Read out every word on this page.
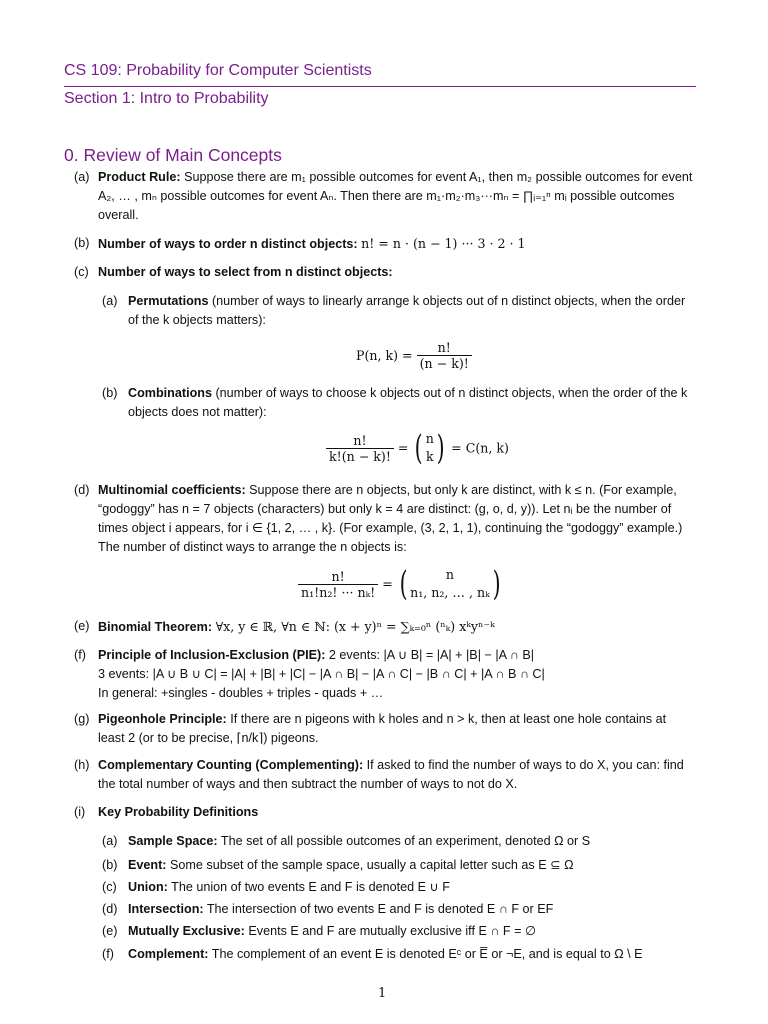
CS 109: Probability for Computer Scientists
Section 1: Intro to Probability
0. Review of Main Concepts
(a) Product Rule: Suppose there are m₁ possible outcomes for event A₁, then m₂ possible outcomes for event A₂, … , mₙ possible outcomes for event Aₙ. Then there are m₁·m₂·m₃···mₙ = ∏ᵢ₌₁ⁿ mᵢ possible outcomes overall.
(b) Number of ways to order n distinct objects: n! = n · (n − 1) ··· 3 · 2 · 1
(c) Number of ways to select from n distinct objects:
(a) Permutations (number of ways to linearly arrange k objects out of n distinct objects, when the order of the k objects matters):
P(n, $k) = \frac{n!}{(n - k)!}$
(b) Combinations (number of ways to choose k objects out of n distinct objects, when the order of the k objects does not matter):
$\frac{n!}{k!(n - k)!}$ = ( n
k ) = C(n, k)
(d) Multinomial coefficients: Suppose there are n objects, but only k are distinct, with k ≤ n. (For example, “godoggy” has n = 7 objects (characters) but only k = 4 are distinct: (g, o, d, y)). Let nᵢ be the number of times object i appears, for i ∈ {1, 2, … , k}. (For example, (3, 2, 1, 1), continuing the “godoggy” example.) The number of distinct ways to arrange the n objects is:
$\frac{n!}{\text{n₁!n₂! ··· nₖ!}}$ = (	n
n₁, n₂, … , nₖ )
(e) Binomial Theorem: ∀x, y ∈ ℝ, ∀n ∈ ℕ: (x + y)ⁿ = ∑ₖ₌₀ⁿ (ⁿₖ) xᵏyⁿ⁻ᵏ
(f) Principle of Inclusion-Exclusion (PIE): 2 events: |A ∪ B| = |A| + |B| − |A ∩ B|
3 events: |A ∪ B ∪ C| = |A| + |B| + |C| − |A ∩ B| − |A ∩ C| − |B ∩ C| + |A ∩ B ∩ C|
In general: +singles - doubles + triples - quads + …
(g) Pigeonhole Principle: If there are n pigeons with k holes and n > k, then at least one hole contains at least 2 (or to be precise, ⌈n/k⌉) pigeons.
(h) Complementary Counting (Complementing): If asked to find the number of ways to do X, you can: find the total number of ways and then subtract the number of ways to not do X.
(i)	Key Probability Definitions
(a) Sample Space: The set of all possible outcomes of an experiment, denoted Ω or S
(b) Event: Some subset of the sample space, usually a capital letter such as E ⊆ Ω
(c) Union: The union of two events E and F is denoted E ∪ F
(d) Intersection: The intersection of two events E and F is denoted E ∩ F or EF
(e) Mutually Exclusive: Events E and F are mutually exclusive iff E ∩ F = ∅
(f)	Complement: The complement of an event E is denoted Eᶜ or E̅ or ¬E, and is equal to Ω \ E
1
